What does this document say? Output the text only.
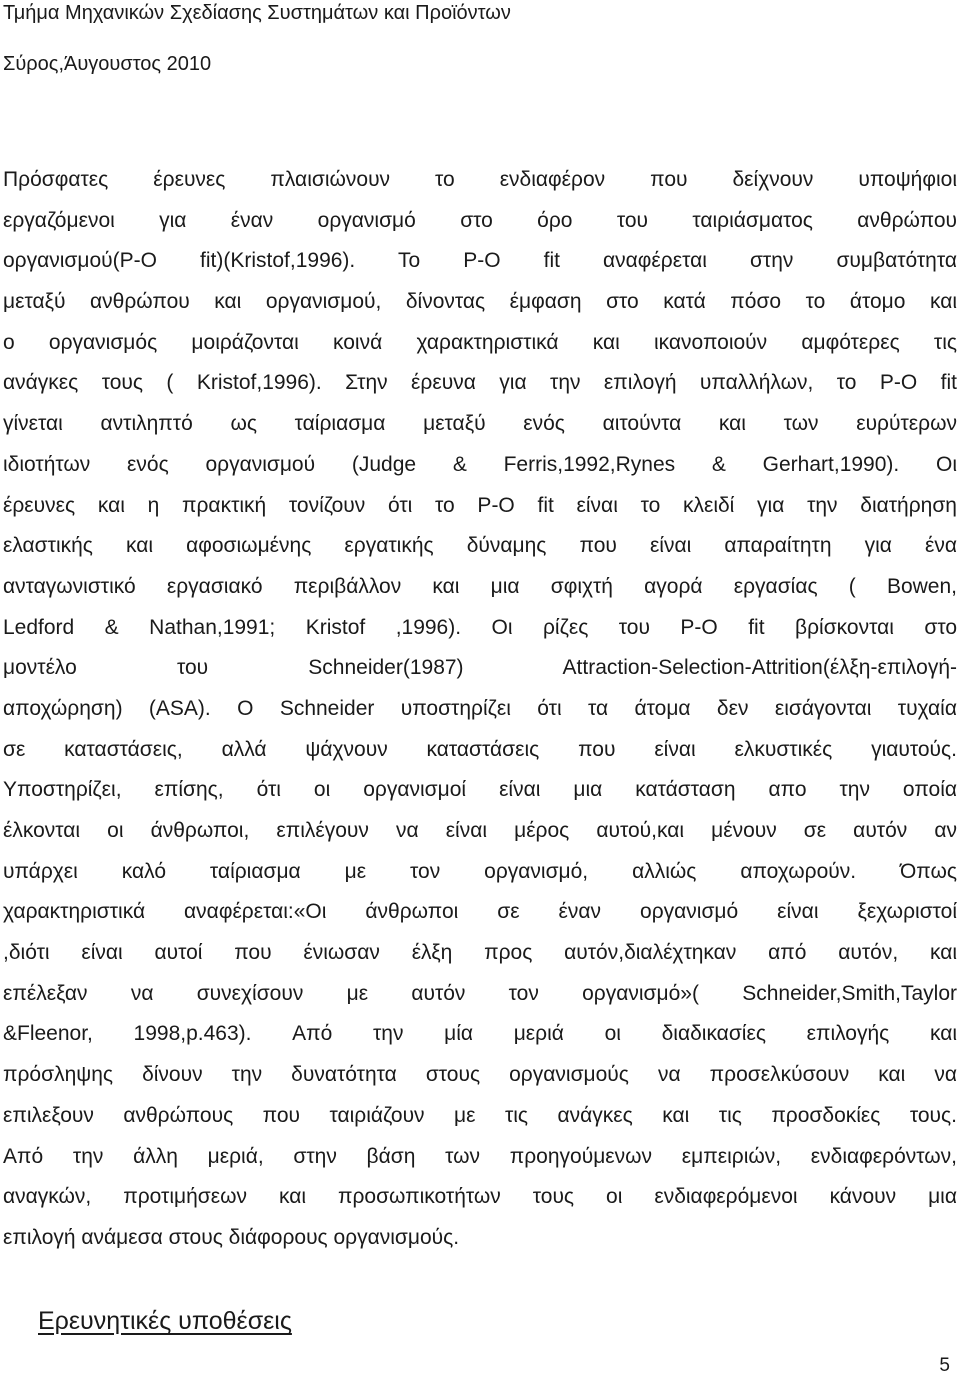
Τμήμα Μηχανικών Σχεδίασης Συστημάτων και Προϊόντων
Σύρος,Άυγουστος 2010
Πρόσφατες έρευνες πλαισιώνουν το ενδιαφέρον που δείχνουν υποψήφιοι
εργαζόμενοι για έναν οργανισμό στο όρο του ταιριάσματος ανθρώπου
οργανισμού(P-O fit)(Kristof,1996). Το P-O fit αναφέρεται στην συμβατότητα
μεταξύ ανθρώπου και οργανισμού, δίνοντας έμφαση στο κατά πόσο το άτομο και
ο οργανισμός μοιράζονται κοινά χαρακτηριστικά και ικανοποιούν αμφότερες τις
ανάγκες τους ( Kristof,1996). Στην έρευνα για την επιλογή υπαλλήλων, το P-O fit
γίνεται αντιληπτό ως ταίριασμα μεταξύ ενός αιτούντα και των ευρύτερων
ιδιοτήτων ενός οργανισμού (Judge & Ferris,1992,Rynes & Gerhart,1990). Οι
έρευνες και η πρακτική τονίζουν ότι το P-O fit είναι το κλειδί για την διατήρηση
ελαστικής και αφοσιωμένης εργατικής δύναμης που είναι απαραίτητη για ένα
ανταγωνιστικό εργασιακό περιβάλλον και μια σφιχτή αγορά εργασίας ( Bowen,
Ledford & Nathan,1991; Kristof ,1996). Οι ρίζες του P-O fit βρίσκονται στο
μοντέλο του Schneider(1987) Attraction-Selection-Attrition(έλξη-επιλογή-
αποχώρηση) (ASA). O Schneider υποστηρίζει ότι τα άτομα δεν εισάγονται τυχαία
σε καταστάσεις, αλλά ψάχνουν καταστάσεις που είναι ελκυστικές γιαυτούς.
Υποστηρίζει, επίσης, ότι οι οργανισμοί είναι μια κατάσταση απο την οποία
έλκονται οι άνθρωποι, επιλέγουν να είναι μέρος αυτού,και μένουν σε αυτόν αν
υπάρχει καλό ταίριασμα με τον οργανισμό, αλλιώς αποχωρούν. Όπως
χαρακτηριστικά αναφέρεται:«Οι άνθρωποι σε έναν οργανισμό είναι ξεχωριστοί
,διότι είναι αυτοί που ένιωσαν έλξη προς αυτόν,διαλέχτηκαν από αυτόν, και
επέλεξαν να συνεχίσουν με αυτόν τον οργανισμό»( Schneider,Smith,Taylor
&Fleenor, 1998,p.463). Από την μία μεριά οι διαδικασίες επιλογής και
πρόσληψης δίνουν την δυνατότητα στους οργανισμούς να προσελκύσουν και να
επιλεξουν ανθρώπους που ταιριάζουν με τις ανάγκες και τις προσδοκίες τους.
Από την άλλη μεριά, στην βάση των προηγούμενων εμπειριών, ενδιαφερόντων,
αναγκών, προτιμήσεων και προσωπικοτήτων τους οι ενδιαφερόμενοι κάνουν μια
επιλογή ανάμεσα στους διάφορους οργανισμούς.
Ερευνητικές υποθέσεις
5
